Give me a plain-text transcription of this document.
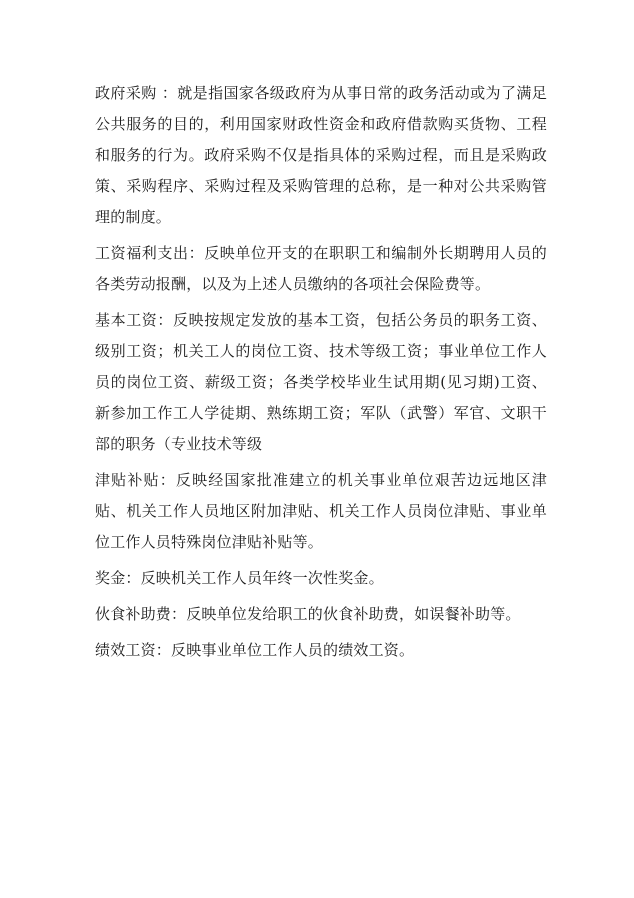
政府采购 ：就是指国家各级政府为从事日常的政务活动或为了满足公共服务的目的，利用国家财政性资金和政府借款购买货物、工程和服务的行为。政府采购不仅是指具体的采购过程，而且是采购政策、采购程序、采购过程及采购管理的总称，是一种对公共采购管理的制度。

工资福利支出：反映单位开支的在职职工和编制外长期聘用人员的各类劳动报酬，以及为上述人员缴纳的各项社会保险费等。

基本工资：反映按规定发放的基本工资，包括公务员的职务工资、级别工资；机关工人的岗位工资、技术等级工资；事业单位工作人员的岗位工资、薪级工资；各类学校毕业生试用期(见习期)工资、新参加工作工人学徒期、熟练期工资；军队（武警）军官、文职干部的职务（专业技术等级

津贴补贴：反映经国家批准建立的机关事业单位艰苦边远地区津贴、机关工作人员地区附加津贴、机关工作人员岗位津贴、事业单位工作人员特殊岗位津贴补贴等。

奖金：反映机关工作人员年终一次性奖金。

伙食补助费：反映单位发给职工的伙食补助费，如误餐补助等。

绩效工资：反映事业单位工作人员的绩效工资。
